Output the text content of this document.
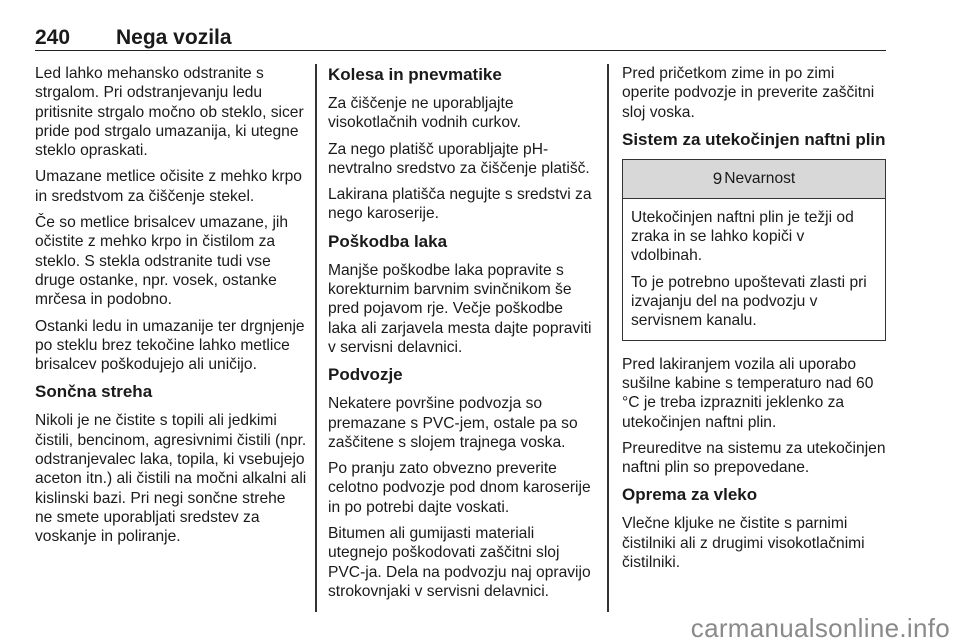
240 Nega vozila

Led lahko mehansko odstranite s strgalom. Pri odstranjevanju ledu pritisnite strgalo močno ob steklo, sicer pride pod strgalo umazanija, ki utegne steklo opraskati.

Umazane metlice očisite z mehko krpo in sredstvom za čiščenje stekel.

Če so metlice brisalcev umazane, jih očistite z mehko krpo in čistilom za steklo. S stekla odstranite tudi vse druge ostanke, npr. vosek, ostanke mrčesa in podobno.

Ostanki ledu in umazanije ter drgnjenje po steklu brez tekočine lahko metlice brisalcev poškodujejo ali uničijo.

Sončna streha

Nikoli je ne čistite s topili ali jedkimi čistili, bencinom, agresivnimi čistili (npr. odstranjevalec laka, topila, ki vsebujejo aceton itn.) ali čistili na močni alkalni ali kislinski bazi. Pri negi sončne strehe ne smete uporabljati sredstev za voskanje in poliranje.

Kolesa in pnevmatike

Za čiščenje ne uporabljajte visokotlačnih vodnih curkov.

Za nego platišč uporabljajte pH-nevtralno sredstvo za čiščenje platišč.

Lakirana platišča negujte s sredstvi za nego karoserije.

Poškodba laka

Manjše poškodbe laka popravite s korekturnim barvnim svinčnikom še pred pojavom rje. Večje poškodbe laka ali zarjavela mesta dajte popraviti v servisni delavnici.

Podvozje

Nekatere površine podvozja so premazane s PVC-jem, ostale pa so zaščitene s slojem trajnega voska.

Po pranju zato obvezno preverite celotno podvozje pod dnom karoserije in po potrebi dajte voskati.

Bitumen ali gumijasti materiali utegnejo poškodovati zaščitni sloj PVC-ja. Dela na podvozju naj opravijo strokovnjaki v servisni delavnici.

Pred pričetkom zime in po zimi operite podvozje in preverite zaščitni sloj voska.

Sistem za utekočinjen naftni plin
9 Nevarnost

Utekočinjen naftni plin je težji od zraka in se lahko kopiči v vdolbinah.

To je potrebno upoštevati zlasti pri izvajanju del na podvozju v servisnem kanalu.

Pred lakiranjem vozila ali uporabo sušilne kabine s temperaturo nad 60 °C je treba izprazniti jeklenko za utekočinjen naftni plin.

Preureditve na sistemu za utekočinjen naftni plin so prepovedane.

Oprema za vleko

Vlečne kljuke ne čistite s parnimi čistilniki ali z drugimi visokotlačnimi čistilniki.

carmanualsonline.info
